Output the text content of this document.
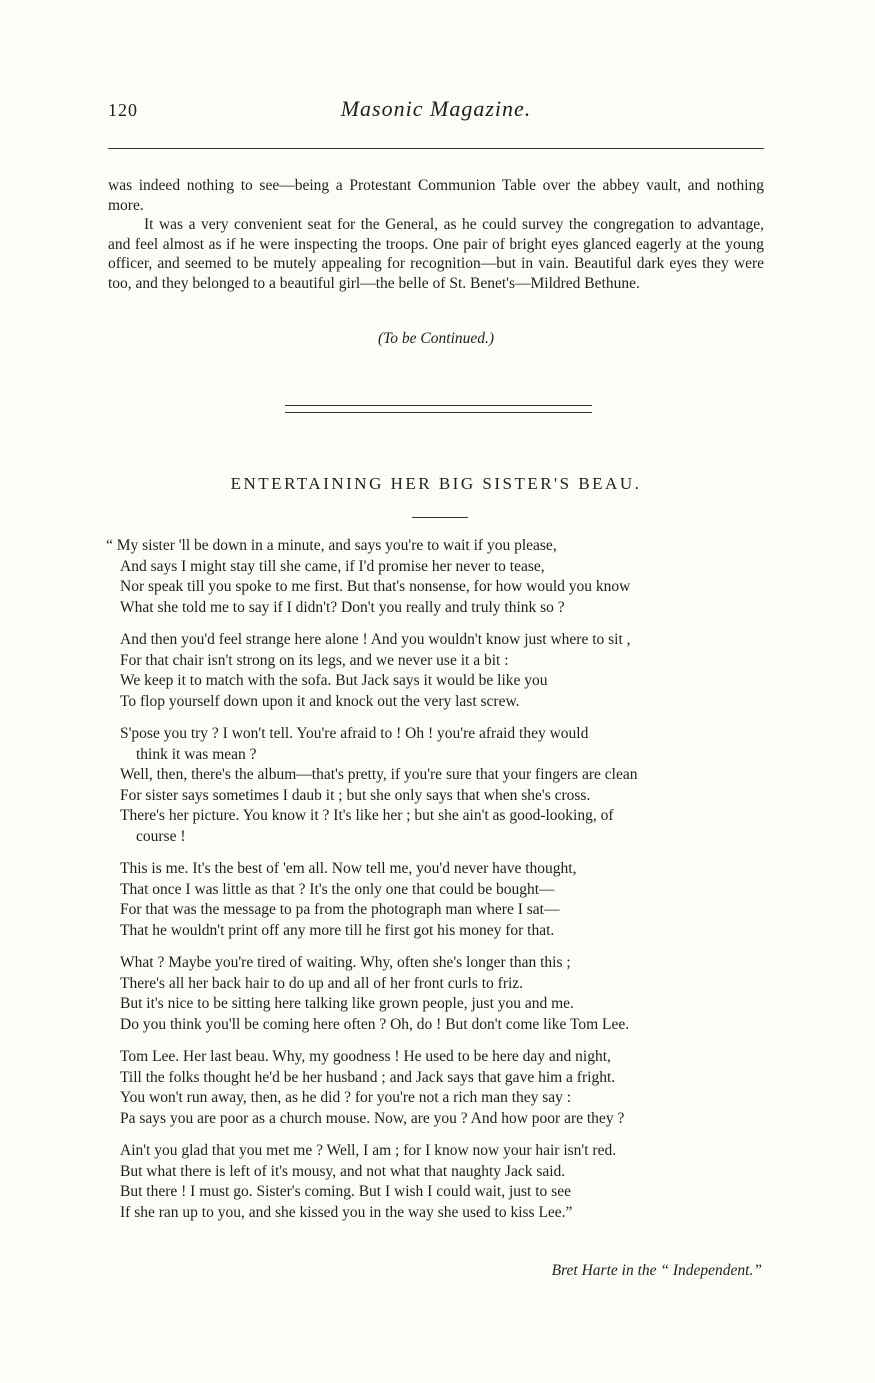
120	Masonic Magazine.

was indeed nothing to see—being a Protestant Communion Table over the abbey vault, and nothing more.

It was a very convenient seat for the General, as he could survey the congregation to advantage, and feel almost as if he were inspecting the troops. One pair of bright eyes glanced eagerly at the young officer, and seemed to be mutely appealing for recognition—but in vain. Beautiful dark eyes they were too, and they belonged to a beautiful girl—the belle of St. Benet's—Mildred Bethune.

(To be Continued.)
ENTERTAINING HER BIG SISTER'S BEAU.
“ My sister 'll be down in a minute, and says you're to wait if you please,
And says I might stay till she came, if I'd promise her never to tease,
Nor speak till you spoke to me first. But that's nonsense, for how would you know
What she told me to say if I didn't? Don't you really and truly think so ?
And then you'd feel strange here alone ! And you wouldn't know just where to sit ,
For that chair isn't strong on its legs, and we never use it a bit :
We keep it to match with the sofa. But Jack says it would be like you
To flop yourself down upon it and knock out the very last screw.
S'pose you try ? I won't tell. You're afraid to ! Oh ! you're afraid they would
think it was mean ?
Well, then, there's the album—that's pretty, if you're sure that your fingers are clean
For sister says sometimes I daub it ; but she only says that when she's cross.
There's her picture. You know it ? It's like her ; but she ain't as good-looking, of
course !
This is me. It's the best of 'em all. Now tell me, you'd never have thought,
That once I was little as that ? It's the only one that could be bought—
For that was the message to pa from the photograph man where I sat—
That he wouldn't print off any more till he first got his money for that.
What ? Maybe you're tired of waiting. Why, often she's longer than this ;
There's all her back hair to do up and all of her front curls to friz.
But it's nice to be sitting here talking like grown people, just you and me.
Do you think you'll be coming here often ? Oh, do ! But don't come like Tom Lee.
Tom Lee. Her last beau. Why, my goodness ! He used to be here day and night,
Till the folks thought he'd be her husband ; and Jack says that gave him a fright.
You won't run away, then, as he did ? for you're not a rich man they say :
Pa says you are poor as a church mouse. Now, are you ? And how poor are they ?
Ain't you glad that you met me ? Well, I am ; for I know now your hair isn't red.
But what there is left of it's mousy, and not what that naughty Jack said.
But there ! I must go. Sister's coming. But I wish I could wait, just to see
If she ran up to you, and she kissed you in the way she used to kiss Lee.”
Bret Harte in the “ Independent.”
